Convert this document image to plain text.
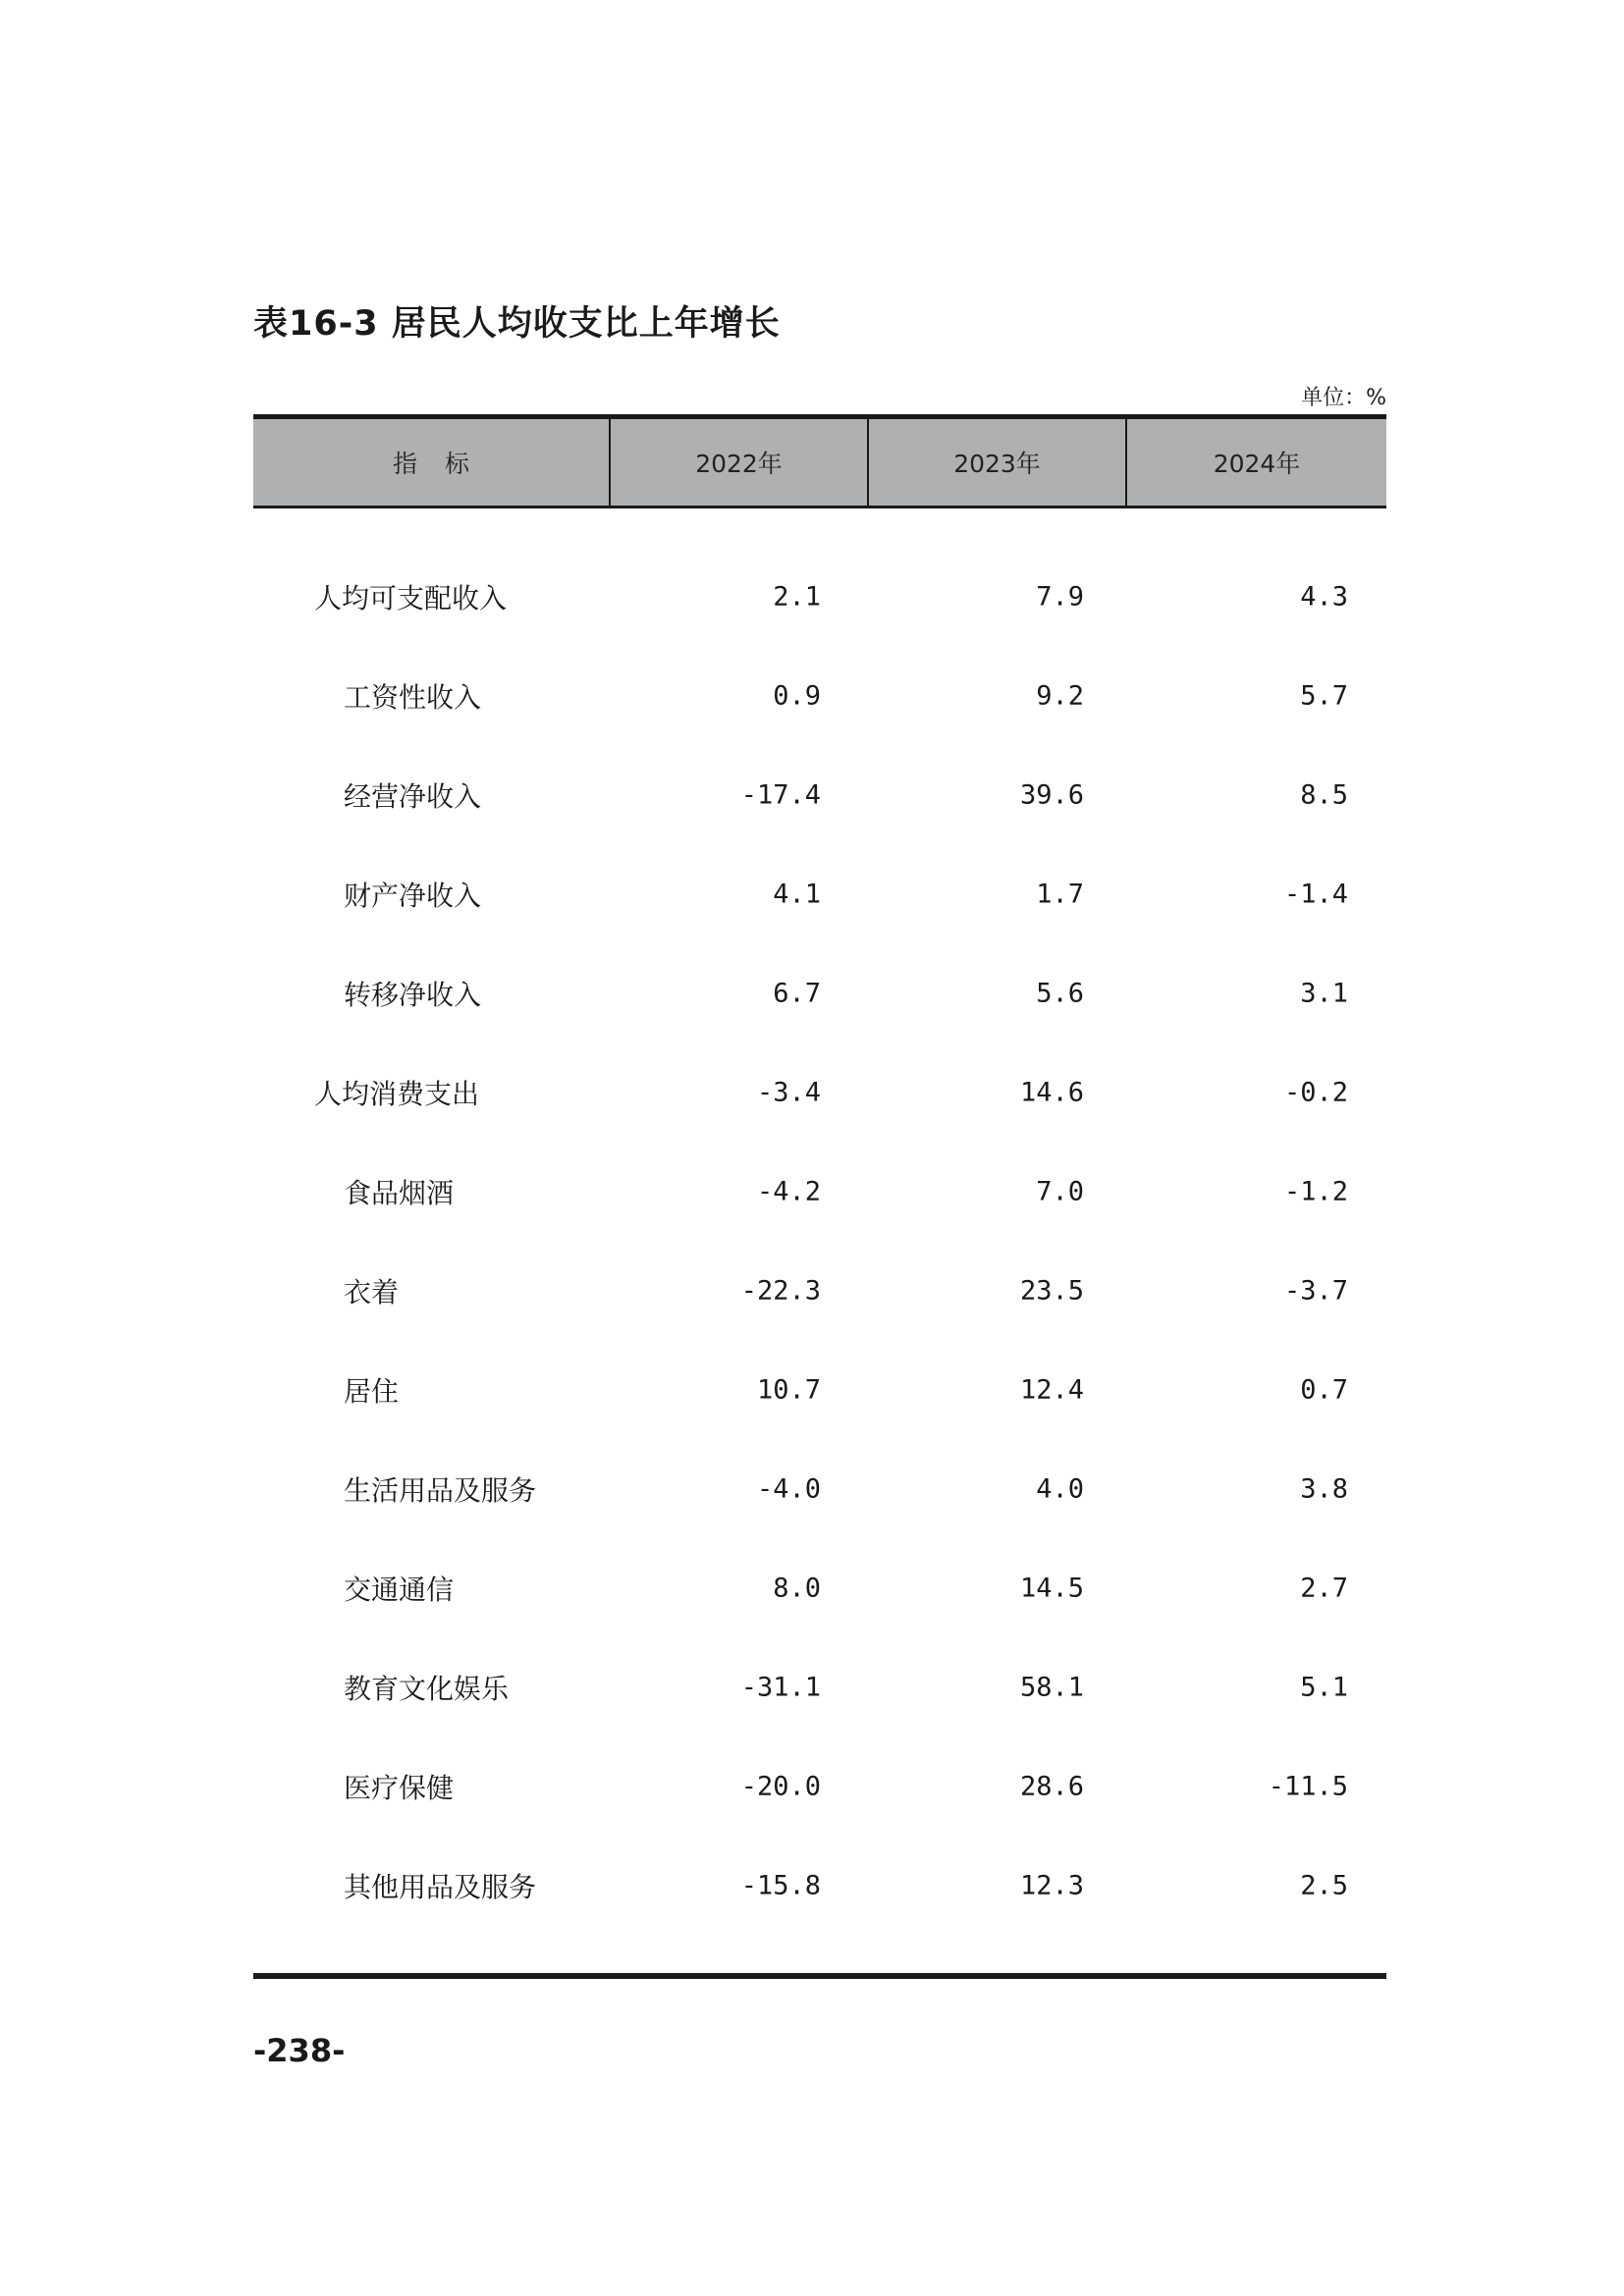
表16-3 居民人均收支比上年增长
单位：%
指标	2022年	2023年	2024年
人均可支配收入	2.1	7.9	4.3
工资性收入	0.9	9.2	5.7
经营净收入	-17.4	39.6	8.5
财产净收入	4.1	1.7	-1.4
转移净收入	6.7	5.6	3.1
人均消费支出	-3.4	14.6	-0.2
食品烟酒	-4.2	7.0	-1.2
衣着	-22.3	23.5	-3.7
居住	10.7	12.4	0.7
生活用品及服务	-4.0	4.0	3.8
交通通信	8.0	14.5	2.7
教育文化娱乐	-31.1	58.1	5.1
医疗保健	-20.0	28.6	-11.5
其他用品及服务	-15.8	12.3	2.5
-238-
